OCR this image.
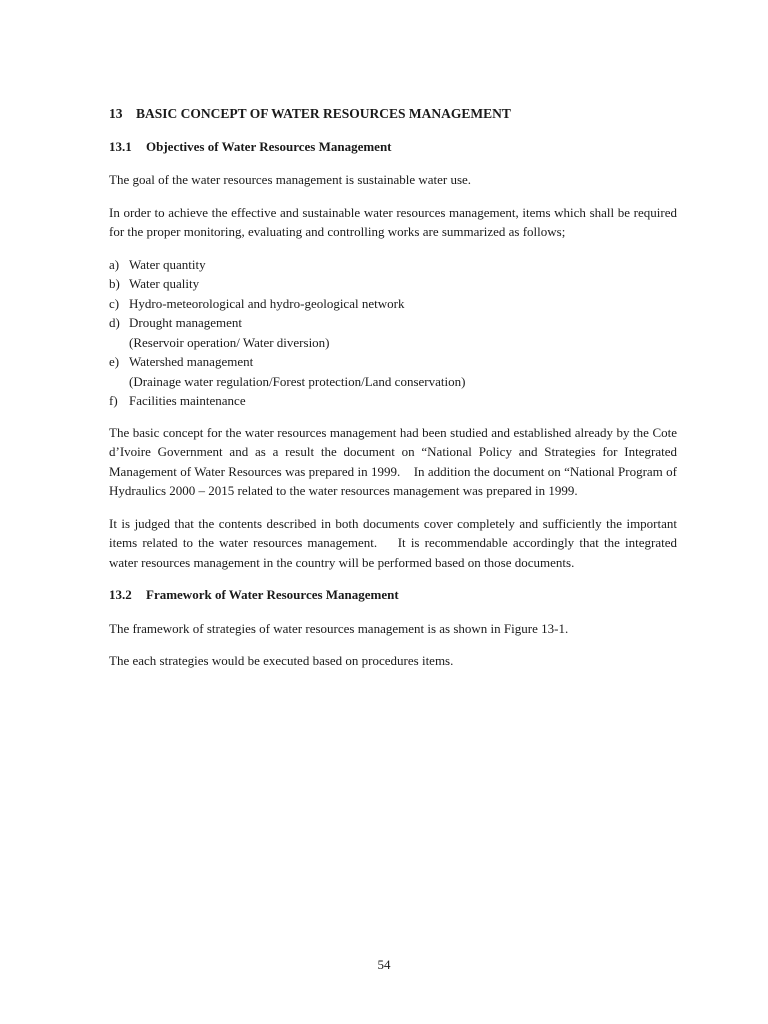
13	BASIC CONCEPT OF WATER RESOURCES MANAGEMENT
13.1	Objectives of Water Resources Management

The goal of the water resources management is sustainable water use.

In order to achieve the effective and sustainable water resources management, items which shall be required for the proper monitoring, evaluating and controlling works are summarized as follows;

a) Water quantity
b) Water quality
c) Hydro-meteorological and hydro-geological network
d) Drought management
(Reservoir operation/ Water diversion)
e) Watershed management
(Drainage water regulation/Forest protection/Land conservation)
f) Facilities maintenance

The basic concept for the water resources management had been studied and established already by the Cote d’Ivoire Government and as a result the document on “National Policy and Strategies for Integrated Management of Water Resources was prepared in 1999.    In addition the document on “National Program of Hydraulics 2000 – 2015 related to the water resources management was prepared in 1999.

It is judged that the contents described in both documents cover completely and sufficiently the important items related to the water resources management.    It is recommendable accordingly that the integrated water resources management in the country will be performed based on those documents.

13.2	Framework of Water Resources Management

The framework of strategies of water resources management is as shown in Figure 13-1.

The each strategies would be executed based on procedures items.

54
